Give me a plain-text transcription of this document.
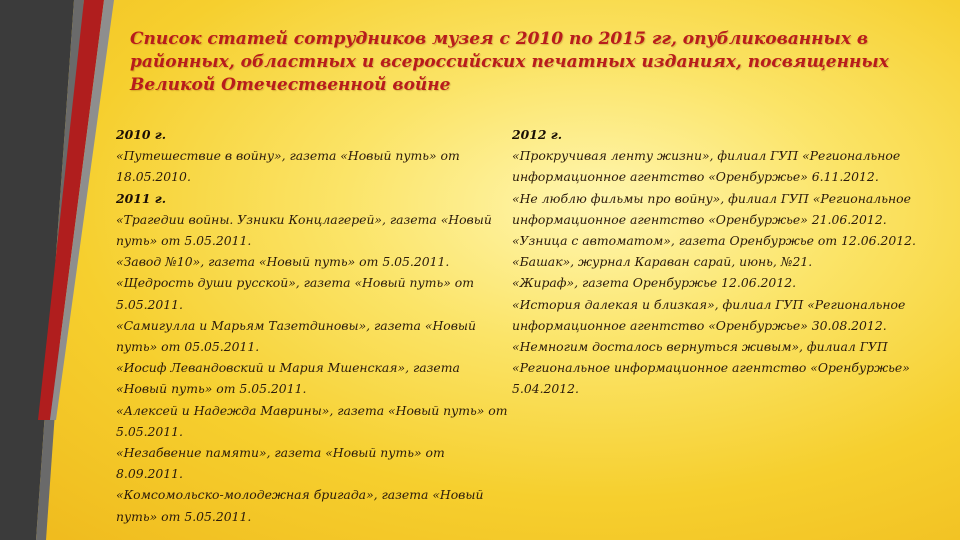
Список статей сотрудников музея с 2010 по 2015 гг, опубликованных в районных, областных и всероссийских печатных изданиях, посвященных Великой Отечественной войне

2010 г.

«Путешествие в войну», газета «Новый путь» от 18.05.2010.

2011 г.

«Трагедии войны. Узники Концлагерей», газета «Новый путь» от 5.05.2011.

«Завод №10», газета «Новый путь» от 5.05.2011.

«Щедрость души русской», газета «Новый путь» от 5.05.2011.

«Самигулла и Марьям Тазетдиновы», газета «Новый путь» от 05.05.2011.

«Иосиф Левандовский и Мария Мшенская», газета «Новый путь» от 5.05.2011.

«Алексей и Надежда Маврины», газета «Новый путь» от 5.05.2011.

«Незабвение памяти», газета «Новый путь» от 8.09.2011.

«Комсомольско-молодежная бригада», газета «Новый путь» от 5.05.2011.

2012 г.

«Прокручивая ленту жизни», филиал ГУП «Региональное информационное агентство «Оренбуржье» 6.11.2012.

«Не люблю фильмы про войну», филиал ГУП «Региональное информационное агентство «Оренбуржье» 21.06.2012.

«Узница с автоматом», газета Оренбуржье от 12.06.2012.

«Башак», журнал Караван сарай, июнь, №21.

«Жираф», газета Оренбуржье 12.06.2012.

«История далекая и близкая», филиал ГУП «Региональное информационное агентство «Оренбуржье» 30.08.2012.

«Немногим досталось вернуться живым», филиал ГУП «Региональное информационное агентство «Оренбуржье» 5.04.2012.
